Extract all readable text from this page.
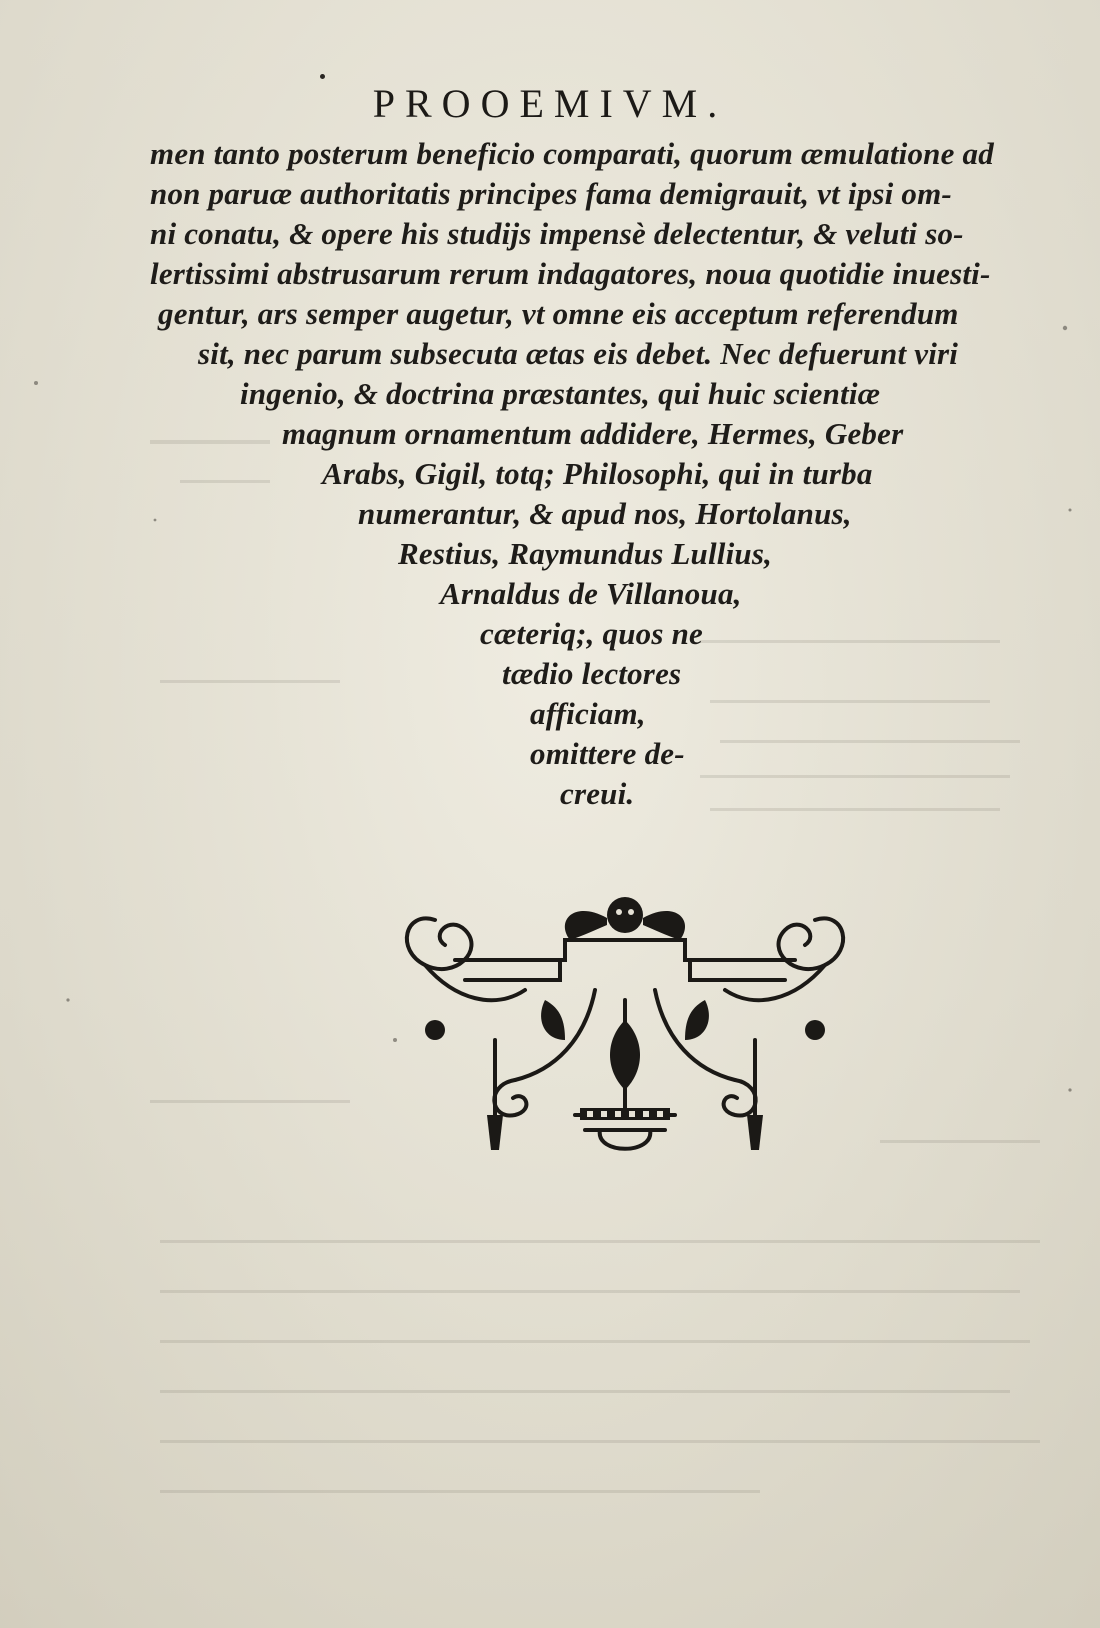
PROOEMIVM.
men tanto posterum beneficio comparati, quorum æmulatione ad
non paruæ authoritatis principes fama demigrauit, vt ipsi om-
ni conatu, & opere his studijs impensè delectentur, & veluti so-
lertissimi abstrusarum rerum indagatores, noua quotidie inuesti-
gentur, ars semper augetur, vt omne eis acceptum referendum
sit, nec parum subsecuta ætas eis debet. Nec defuerunt viri
ingenio, & doctrina præstantes, qui huic scientiæ
magnum ornamentum addidere, Hermes, Geber
Arabs, Gigil, totq; Philosophi, qui in turba
numerantur, & apud nos, Hortolanus,
Restius, Raymundus Lullius,
Arnaldus de Villanoua,
cæteriq;, quos ne
tædio lectores
afficiam,
omittere de-
creui.
